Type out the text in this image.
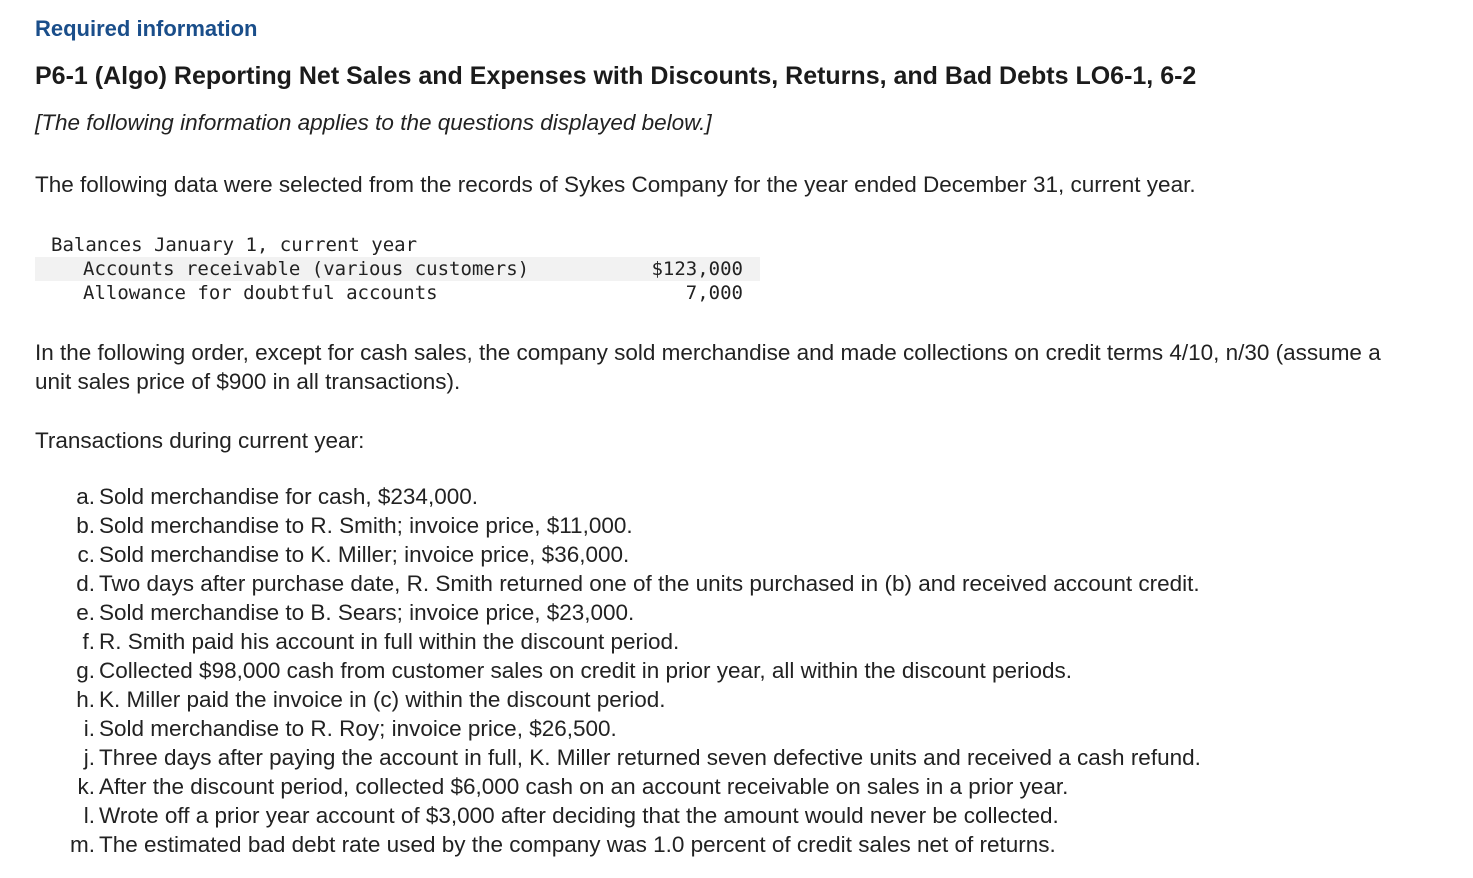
Required information
P6-1 (Algo) Reporting Net Sales and Expenses with Discounts, Returns, and Bad Debts LO6-1, 6-2
[The following information applies to the questions displayed below.]
The following data were selected from the records of Sykes Company for the year ended December 31, current year.
Balances January 1, current year
Accounts receivable (various customers)	$123,000
Allowance for doubtful accounts	7,000
In the following order, except for cash sales, the company sold merchandise and made collections on credit terms 4/10, n/30 (assume a unit sales price of $900 in all transactions).
Transactions during current year:
a. Sold merchandise for cash, $234,000.
b. Sold merchandise to R. Smith; invoice price, $11,000.
c. Sold merchandise to K. Miller; invoice price, $36,000.
d. Two days after purchase date, R. Smith returned one of the units purchased in (b) and received account credit.
e. Sold merchandise to B. Sears; invoice price, $23,000.
f. R. Smith paid his account in full within the discount period.
g. Collected $98,000 cash from customer sales on credit in prior year, all within the discount periods.
h. K. Miller paid the invoice in (c) within the discount period.
i. Sold merchandise to R. Roy; invoice price, $26,500.
j. Three days after paying the account in full, K. Miller returned seven defective units and received a cash refund.
k. After the discount period, collected $6,000 cash on an account receivable on sales in a prior year.
l. Wrote off a prior year account of $3,000 after deciding that the amount would never be collected.
m. The estimated bad debt rate used by the company was 1.0 percent of credit sales net of returns.
